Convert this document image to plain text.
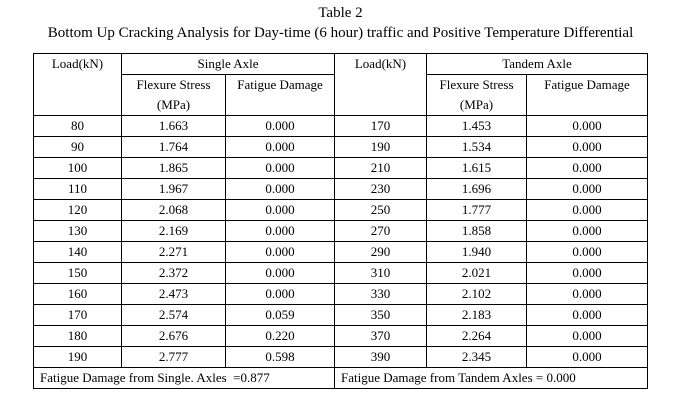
Table 2
Bottom Up Cracking Analysis for Day-time (6 hour) traffic and Positive Temperature Differential
Load(kN)	Single Axle		Load(kN)	Tandem Axle	
	Flexure Stress (MPa)	Fatigue Damage		Flexure Stress (MPa)	Fatigue Damage
80	1.663	0.000	170	1.453	0.000
90	1.764	0.000	190	1.534	0.000
100	1.865	0.000	210	1.615	0.000
110	1.967	0.000	230	1.696	0.000
120	2.068	0.000	250	1.777	0.000
130	2.169	0.000	270	1.858	0.000
140	2.271	0.000	290	1.940	0.000
150	2.372	0.000	310	2.021	0.000
160	2.473	0.000	330	2.102	0.000
170	2.574	0.059	350	2.183	0.000
180	2.676	0.220	370	2.264	0.000
190	2.777	0.598	390	2.345	0.000
Fatigue Damage from Single. Axles  =0.877			Fatigue Damage from Tandem Axles = 0.000		
